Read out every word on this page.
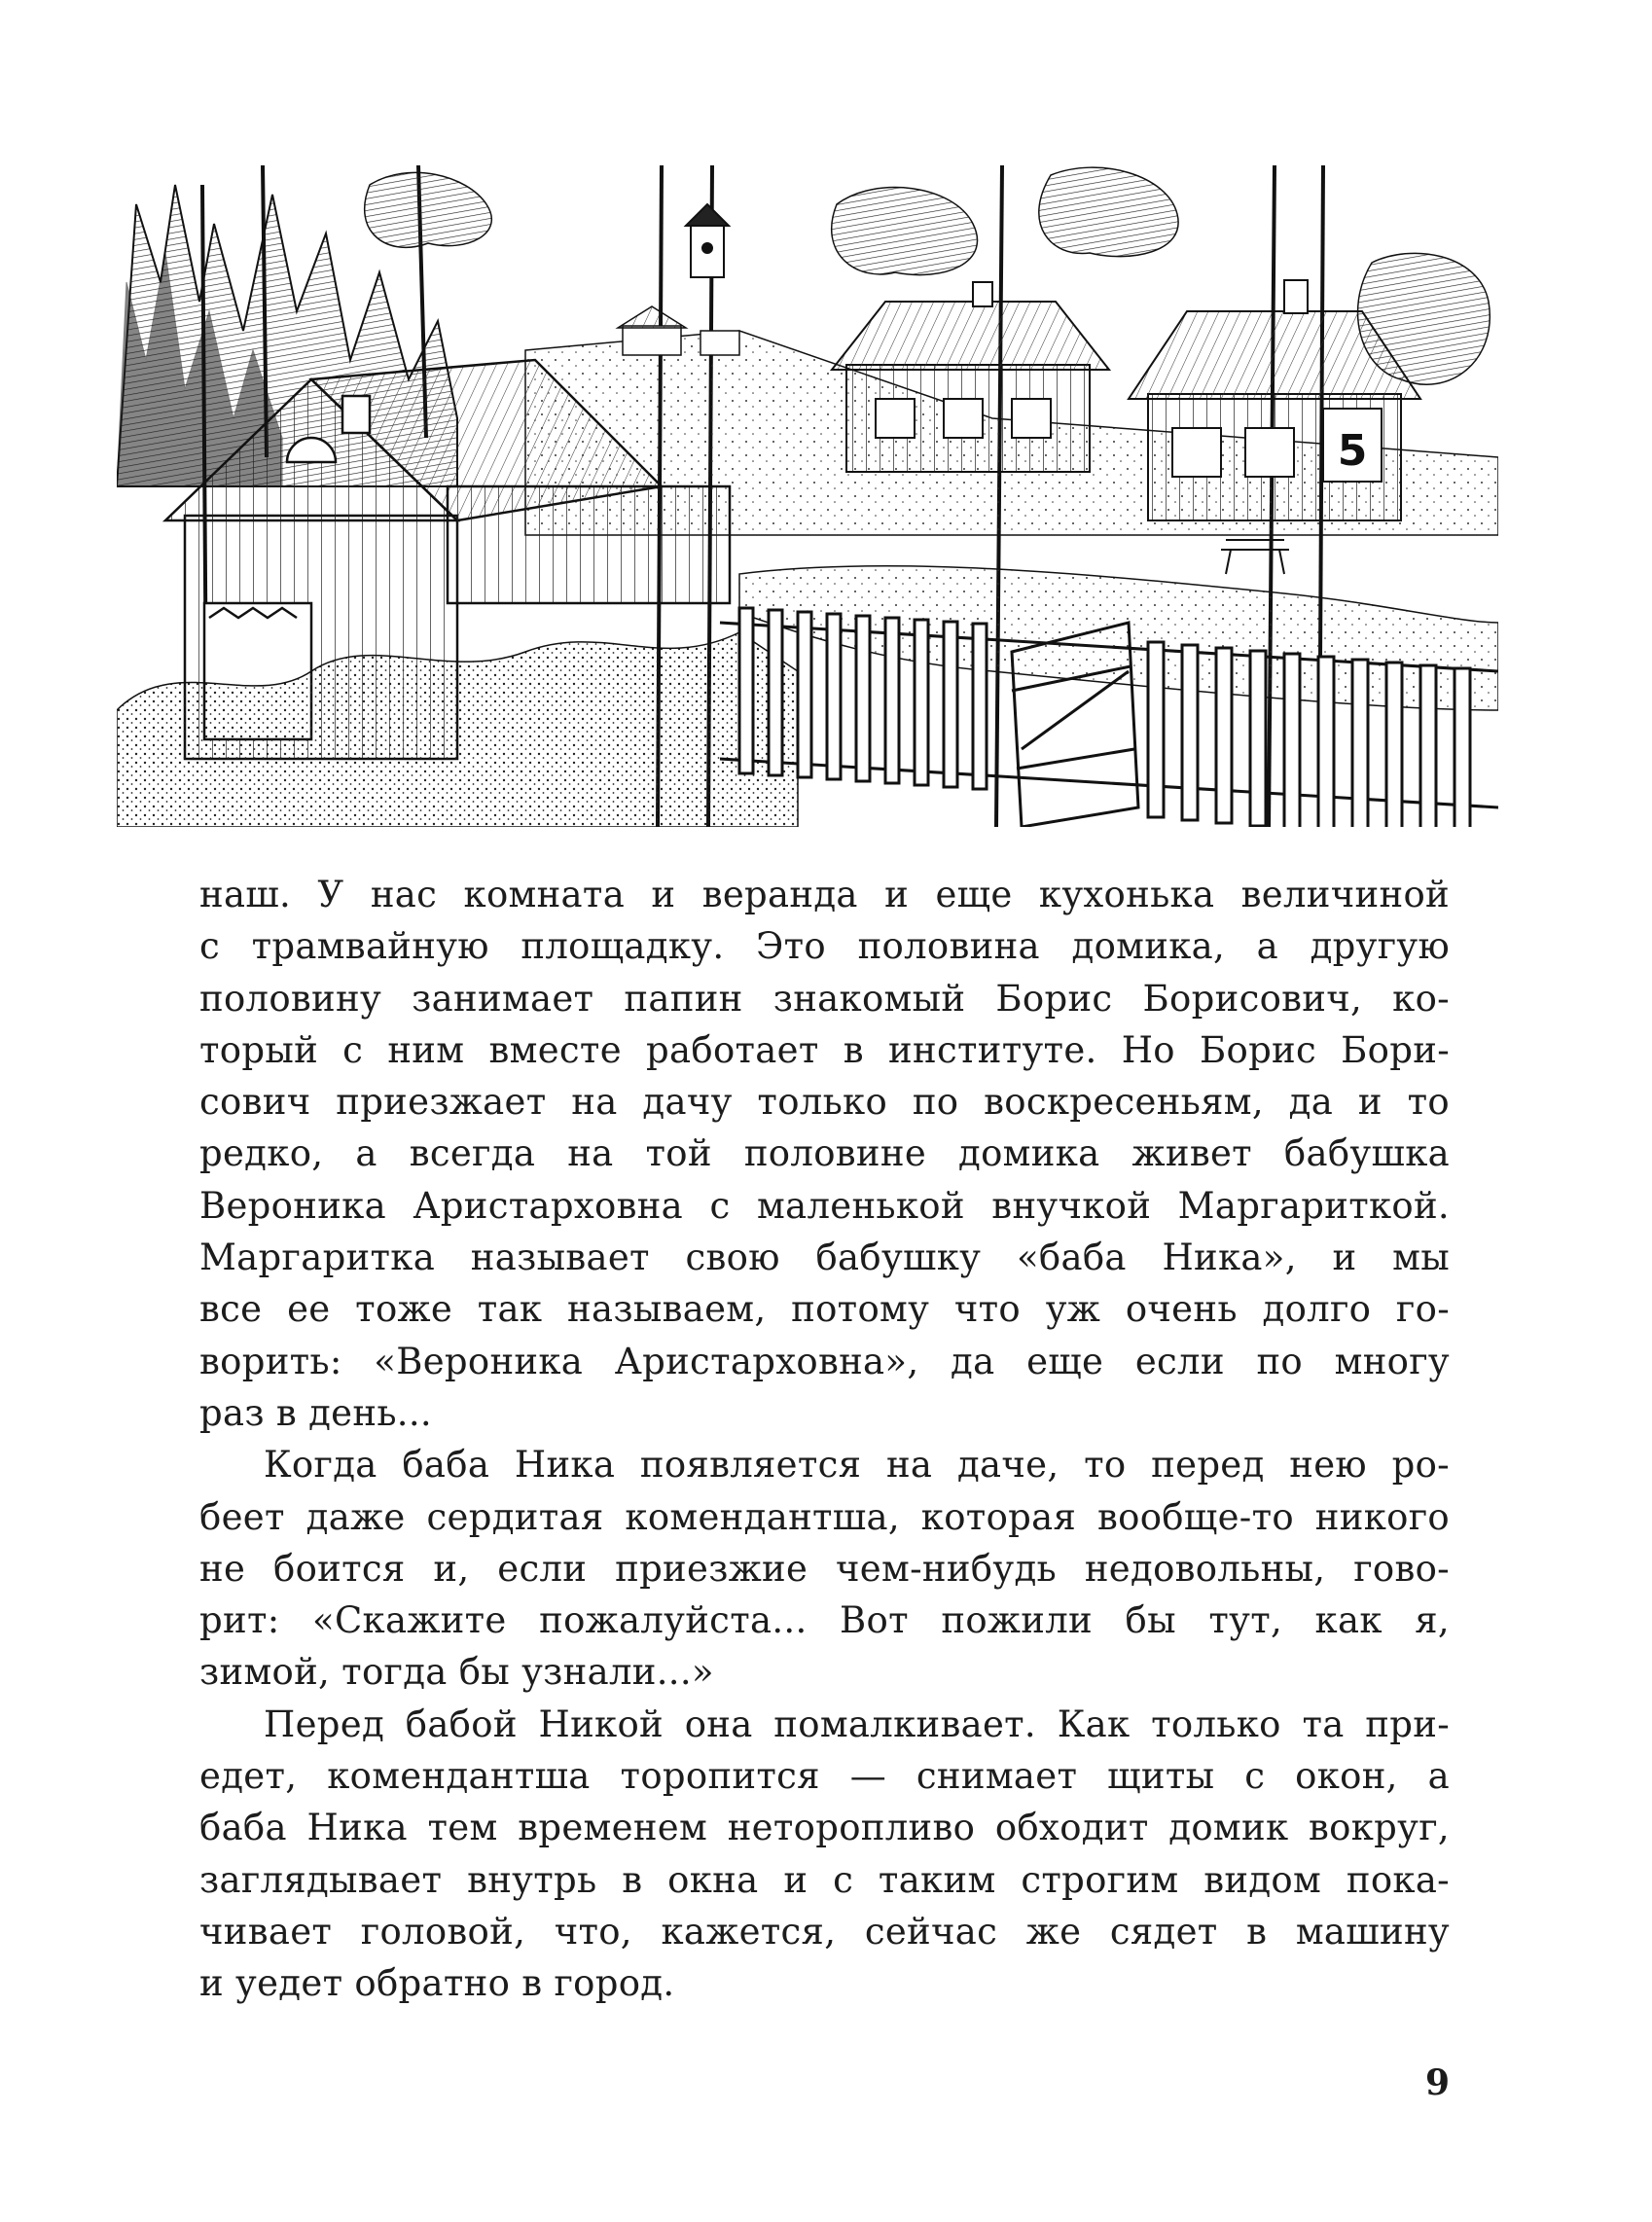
5
наш. У нас комната и веранда и еще кухонька величиной
с трамвайную площадку. Это половина домика, а другую
половину занимает папин знакомый Борис Борисович, ко-
торый с ним вместе работает в институте. Но Борис Бори-
сович приезжает на дачу только по воскресеньям, да и то
редко, а всегда на той половине домика живет бабушка
Вероника Аристарховна с маленькой внучкой Маргариткой.
Маргаритка называет свою бабушку «баба Ника», и мы
все ее тоже так называем, потому что уж очень долго го-
ворить: «Вероника Аристарховна», да еще если по многу
раз в день...
Когда баба Ника появляется на даче, то перед нею ро-
беет даже сердитая комендантша, которая вообще-то никого
не боится и, если приезжие чем-нибудь недовольны, гово-
рит: «Скажите пожалуйста... Вот пожили бы тут, как я,
зимой, тогда бы узнали...»
Перед бабой Никой она помалкивает. Как только та при-
едет, комендантша торопится — снимает щиты с окон, а
баба Ника тем временем неторопливо обходит домик вокруг,
заглядывает внутрь в окна и с таким строгим видом пока-
чивает головой, что, кажется, сейчас же сядет в машину
и уедет обратно в город.
9
